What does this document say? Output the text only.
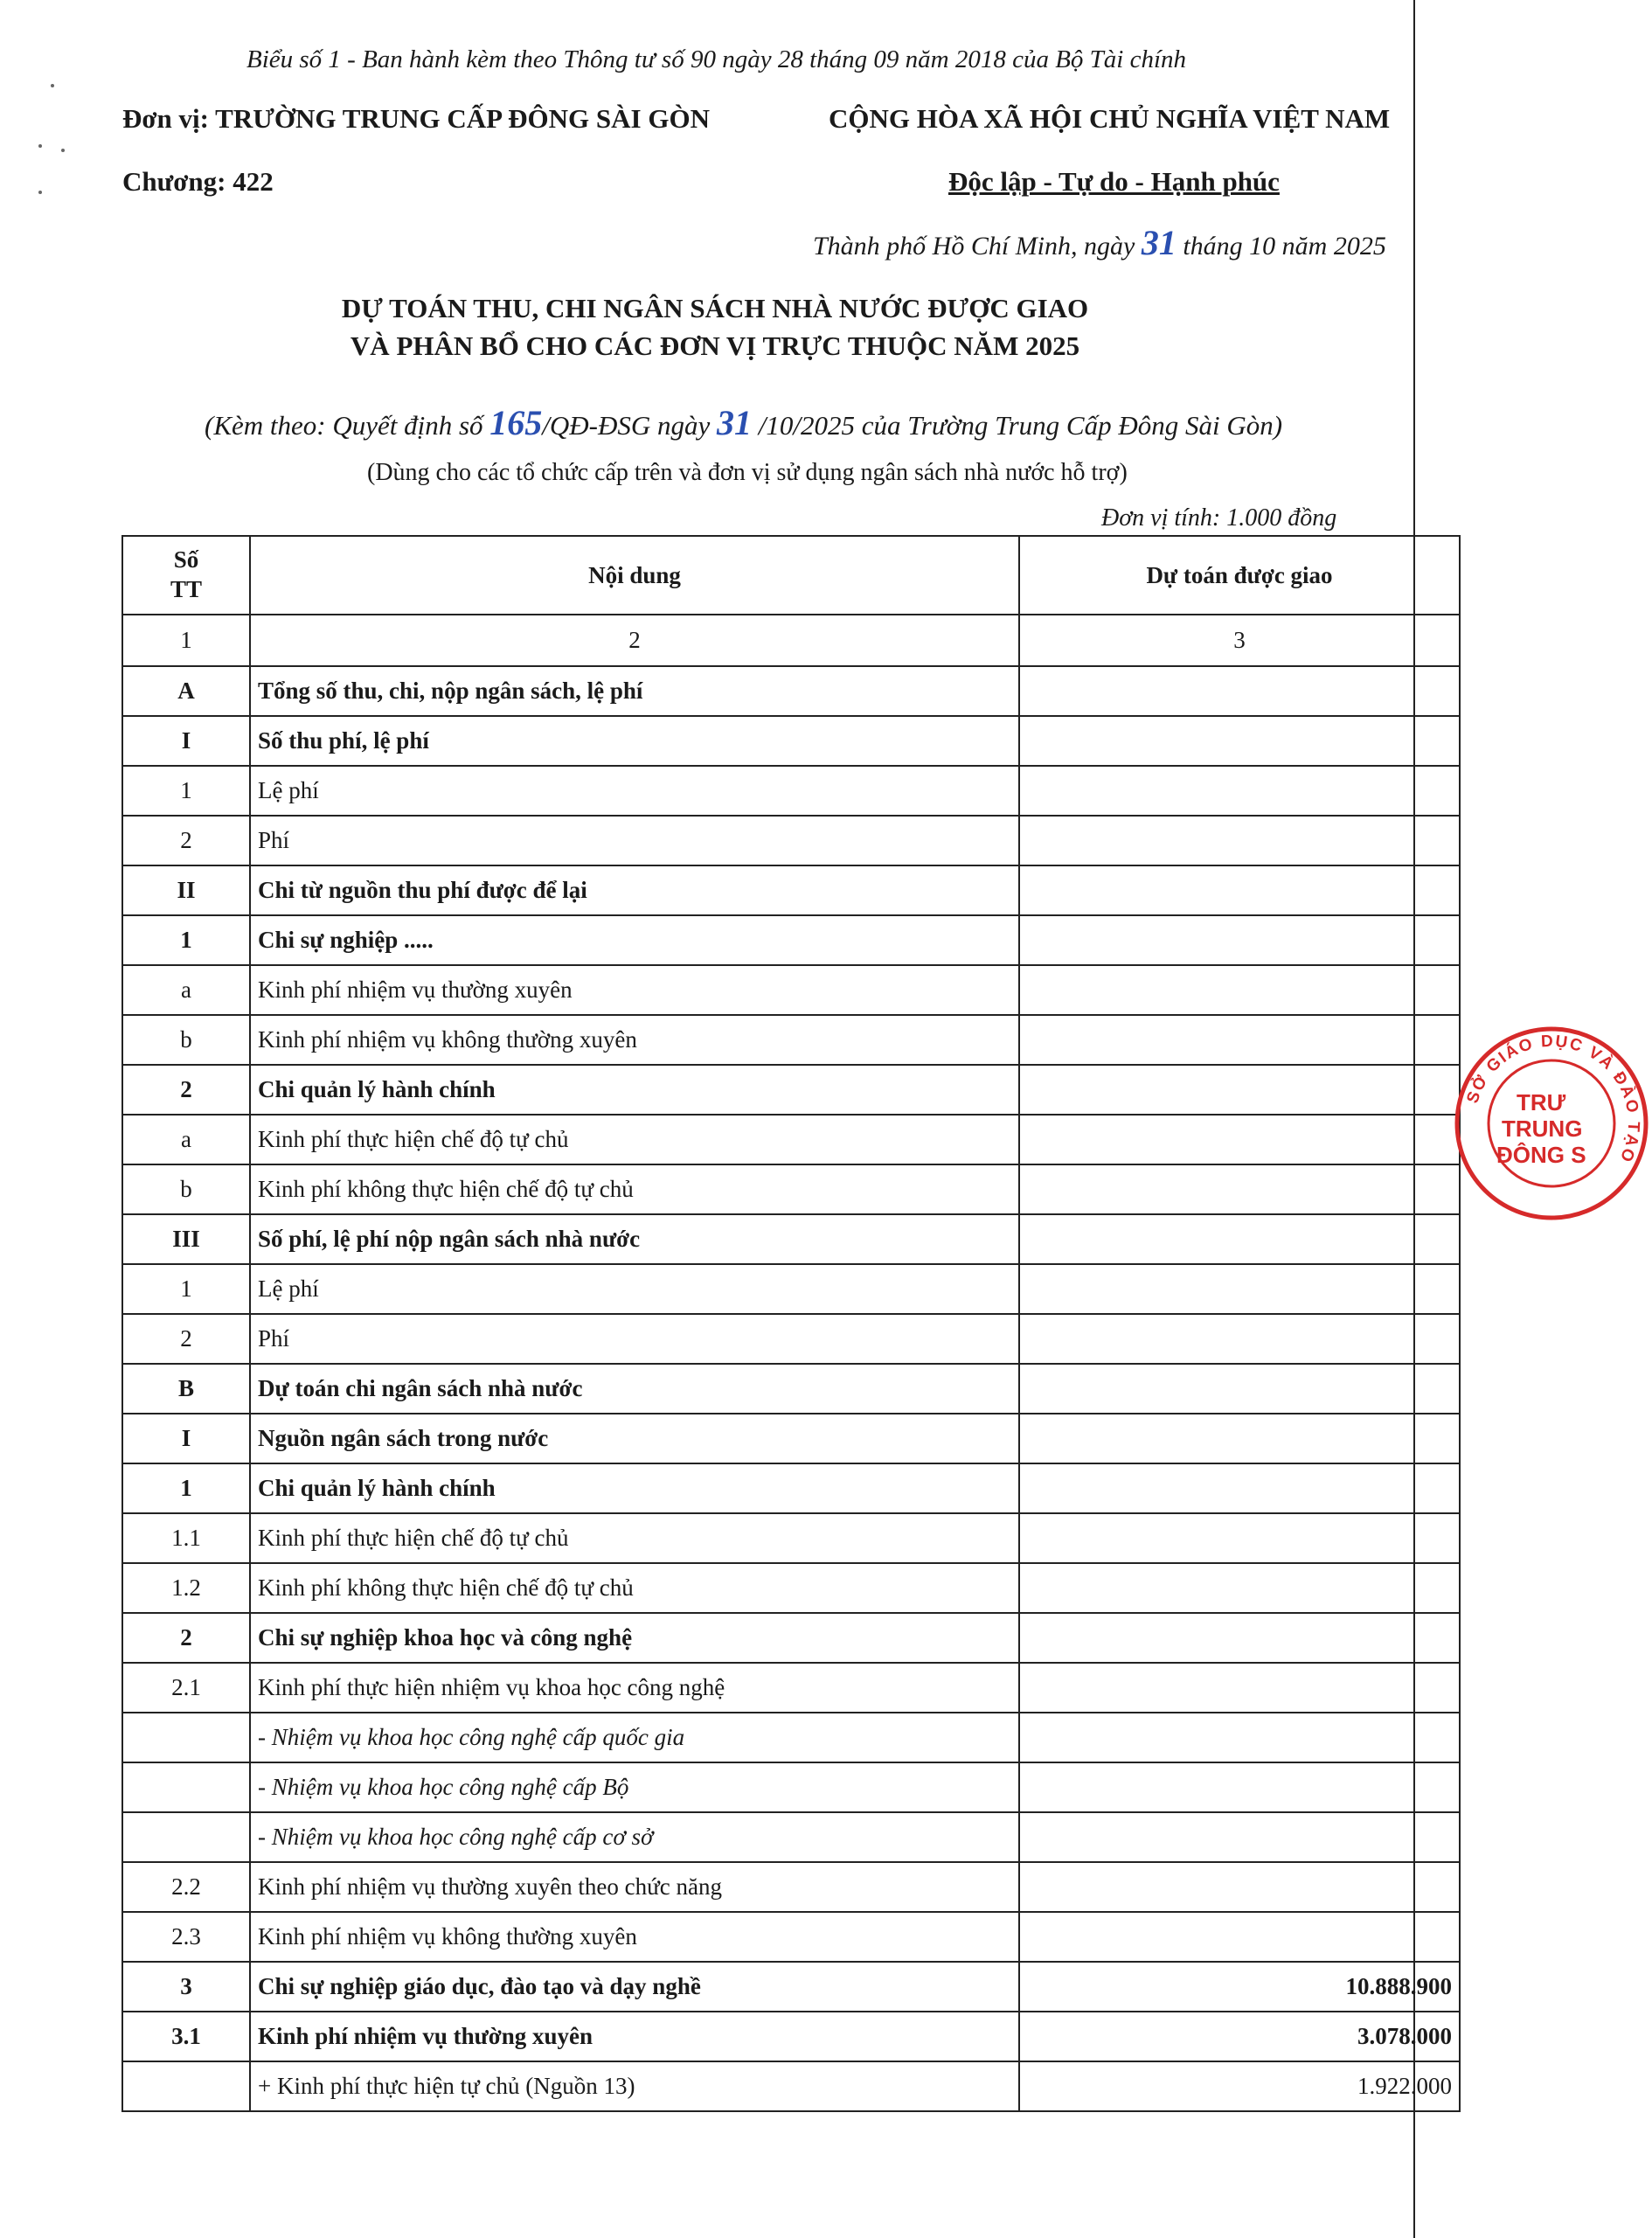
Biểu số 1 - Ban hành kèm theo Thông tư số 90 ngày 28 tháng 09 năm 2018 của Bộ Tài chính
Đơn vị: TRƯỜNG TRUNG CẤP ĐÔNG SÀI GÒN
Chương: 422
CỘNG HÒA XÃ HỘI CHỦ NGHĨA VIỆT NAM
Độc lập - Tự do - Hạnh phúc
Thành phố Hồ Chí Minh, ngày 31 tháng 10 năm 2025
DỰ TOÁN THU, CHI NGÂN SÁCH NHÀ NƯỚC ĐƯỢC GIAO
VÀ PHÂN BỔ CHO CÁC ĐƠN VỊ TRỰC THUỘC NĂM 2025
(Kèm theo: Quyết định số 165/QĐ-ĐSG ngày 31 /10/2025 của Trường Trung Cấp Đông Sài Gòn)
(Dùng cho các tổ chức cấp trên và đơn vị sử dụng ngân sách nhà nước hỗ trợ)
Đơn vị tính: 1.000 đồng
Số
TT	Nội dung	Dự toán được giao
1	2	3
A	Tổng số thu, chi, nộp ngân sách, lệ phí	
I	Số thu phí, lệ phí	
1	Lệ phí	
2	Phí	
II	Chi từ nguồn thu phí được để lại	
1	Chi sự nghiệp .....	
a	Kinh phí nhiệm vụ thường xuyên	
b	Kinh phí nhiệm vụ không thường xuyên	
2	Chi quản lý hành chính	
a	Kinh phí thực hiện chế độ tự chủ	
b	Kinh phí không thực hiện chế độ tự chủ	
III	Số phí, lệ phí nộp ngân sách nhà nước	
1	Lệ phí	
2	Phí	
B	Dự toán chi ngân sách nhà nước	
I	Nguồn ngân sách trong nước	
1	Chi quản lý hành chính	
1.1	Kinh phí thực hiện chế độ tự chủ	
1.2	Kinh phí không thực hiện chế độ tự chủ	
2	Chi sự nghiệp khoa học và công nghệ	
2.1	Kinh phí thực hiện nhiệm vụ khoa học công nghệ	
	- Nhiệm vụ khoa học công nghệ cấp quốc gia	
	- Nhiệm vụ khoa học công nghệ cấp Bộ	
	- Nhiệm vụ khoa học công nghệ cấp cơ sở	
2.2	Kinh phí nhiệm vụ thường xuyên theo chức năng	
2.3	Kinh phí nhiệm vụ không thường xuyên	
3	Chi sự nghiệp giáo dục, đào tạo và dạy nghề	10.888.900
3.1	Kinh phí nhiệm vụ thường xuyên	3.078.000
	+ Kinh phí thực hiện tự chủ (Nguồn 13)	1.922.000
SỞ GIÁO DỤC VÀ ĐÀO TẠO
TRƯ
TRUNG
ĐÔNG S
